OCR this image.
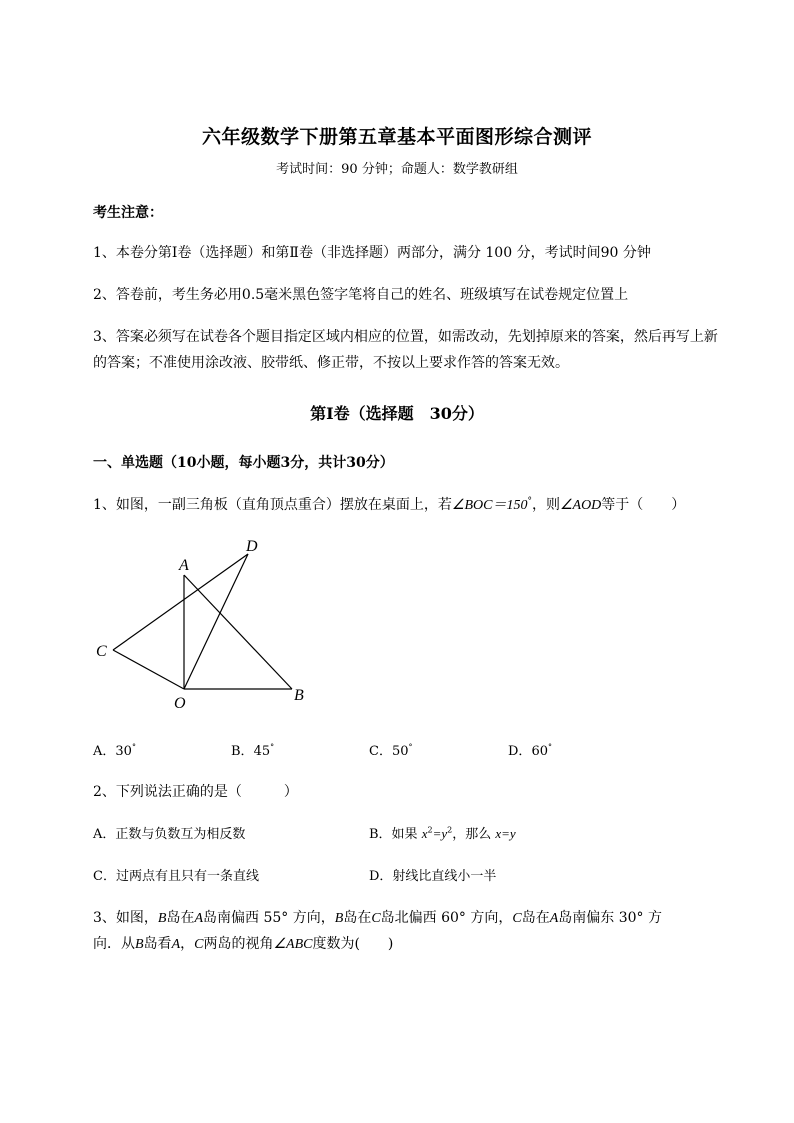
六年级数学下册第五章基本平面图形综合测评
考试时间：90 分钟；命题人：数学教研组
考生注意：
1、本卷分第Ⅰ卷（选择题）和第Ⅱ卷（非选择题）两部分，满分 100 分，考试时间90 分钟
2、答卷前，考生务必用0.5毫米黑色签字笔将自己的姓名、班级填写在试卷规定位置上
3、答案必须写在试卷各个题目指定区域内相应的位置，如需改动，先划掉原来的答案，然后再写上新
的答案；不准使用涂改液、胶带纸、修正带，不按以上要求作答的答案无效。
第Ⅰ卷（选择题　30分）
一、单选题（10小题，每小题3分，共计30分）
1、如图，一副三角板（直角顶点重合）摆放在桌面上，若∠BOC＝150°，则∠AOD等于（　　）
D
A
C
O	B
A．30°	B．45°	C．50°	D．60°
2、下列说法正确的是（　　　）
A．正数与负数互为相反数	B．如果 $x^2=y^2$，那么 x=y
C．过两点有且只有一条直线	D．射线比直线小一半
3、如图，B岛在A岛南偏西 55° 方向，B岛在C岛北偏西 60° 方向，C岛在A岛南偏东 30° 方
向．从B岛看A，C两岛的视角∠ABC度数为(　　)
